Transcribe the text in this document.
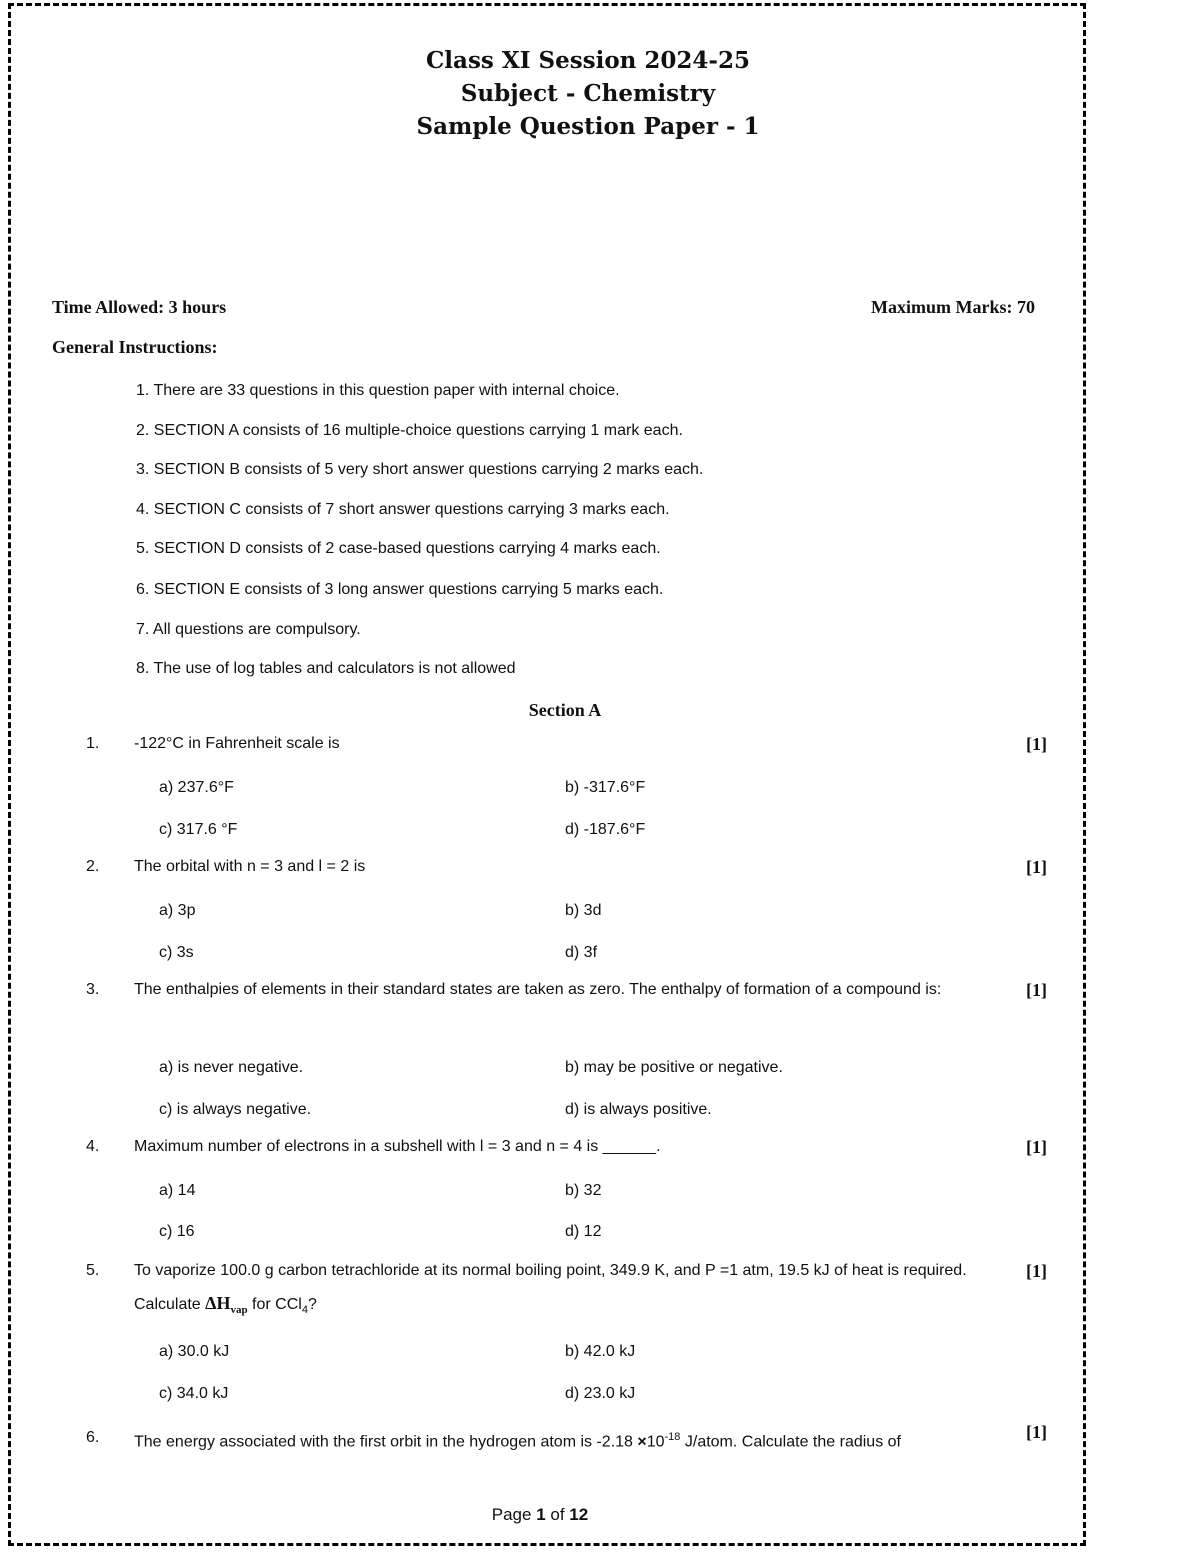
Class XI Session 2024-25
Subject - Chemistry
Sample Question Paper - 1
Time Allowed: 3 hours	Maximum Marks: 70
General Instructions:
1. There are 33 questions in this question paper with internal choice.
2. SECTION A consists of 16 multiple-choice questions carrying 1 mark each.
3. SECTION B consists of 5 very short answer questions carrying 2 marks each.
4. SECTION C consists of 7 short answer questions carrying 3 marks each.
5. SECTION D consists of 2 case-based questions carrying 4 marks each.
6. SECTION E consists of 3 long answer questions carrying 5 marks each.
7. All questions are compulsory.
8. The use of log tables and calculators is not allowed
Section A
1. -122°C in Fahrenheit scale is	[1]
a) 237.6°F	b) -317.6°F
c) 317.6 °F	d) -187.6°F
2. The orbital with n = 3 and l = 2 is	[1]
a) 3p	b) 3d
c) 3s	d) 3f
3. The enthalpies of elements in their standard states are taken as zero. The enthalpy of formation of a compound is:	[1]
a) is never negative.	b) may be positive or negative.
c) is always negative.	d) is always positive.
4. Maximum number of electrons in a subshell with l = 3 and n = 4 is ______.	[1]
a) 14	b) 32
c) 16	d) 12
5. To vaporize 100.0 g carbon tetrachloride at its normal boiling point, 349.9 K, and P =1 atm, 19.5 kJ of heat is required. Calculate $\Delta H_{vap}$ for CCl$_4$?
[1]
a) 30.0 kJ	b) 42.0 kJ
c) 34.0 kJ	d) 23.0 kJ
6. The energy associated with the first orbit in the hydrogen atom is $-2.18 \times 10^{-18}$ J/atom. Calculate the radius of	[1]
Page 1 of 12
